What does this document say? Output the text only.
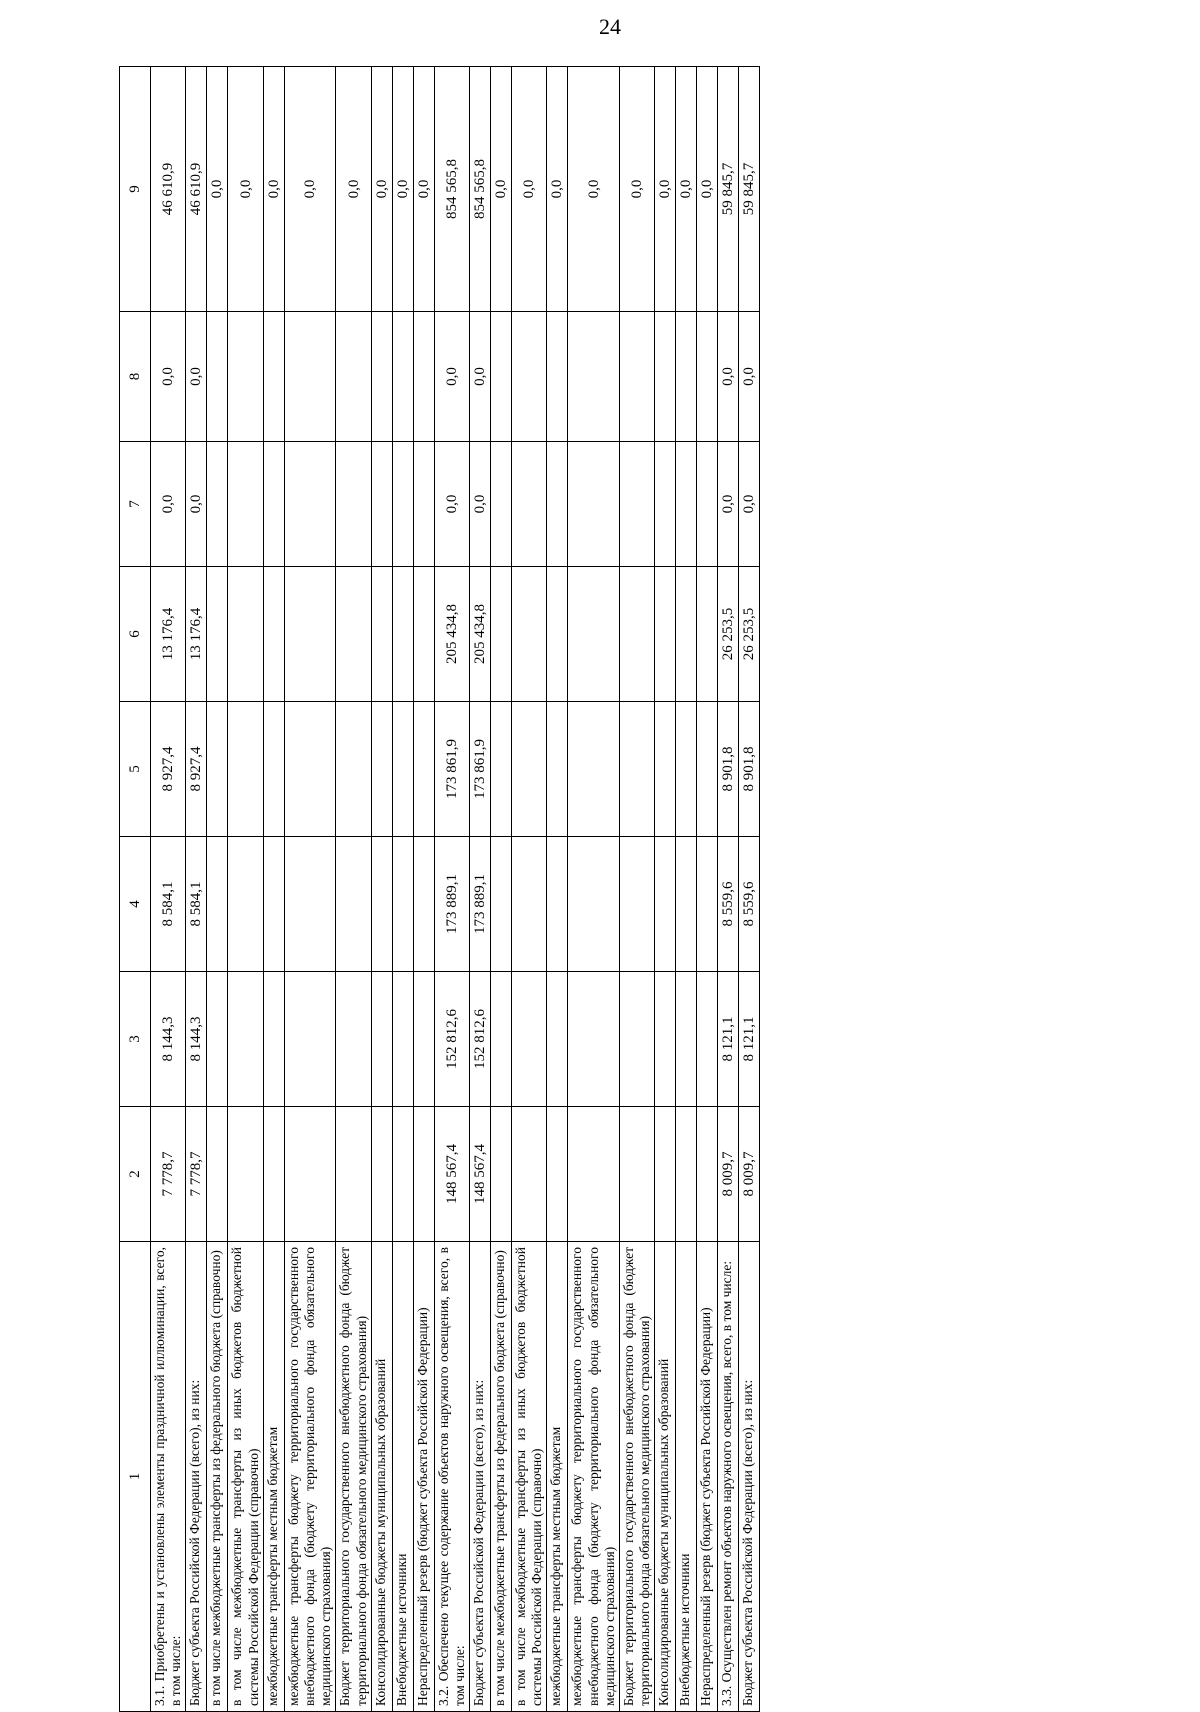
24
1	2	3	4	5	6	7	8	9
3.1. Приобретены и установлены элементы праздничной иллюминации, всего, в том числе:	7 778,7	8 144,3	8 584,1	8 927,4	13 176,4	0,0	0,0	46 610,9
Бюджет субъекта Российской Федерации (всего), из них:	7 778,7	8 144,3	8 584,1	8 927,4	13 176,4	0,0	0,0	46 610,9
в том числе межбюджетные трансферты из федерального бюджета (справочно)								0,0
в том числе межбюджетные трансферты из иных бюджетов бюджетной системы Российской Федерации (справочно)								0,0
межбюджетные трансферты местным бюджетам								0,0
межбюджетные трансферты бюджету территориального государственного внебюджетного фонда (бюджету территориального фонда обязательного медицинского страхования)								0,0
Бюджет территориального государственного внебюджетного фонда (бюджет территориального фонда обязательного медицинского страхования)								0,0
Консолидированные бюджеты муниципальных образований								0,0
Внебюджетные источники								0,0
Нераспределенный резерв (бюджет субъекта Российской Федерации)								0,0
3.2. Обеспечено текущее содержание объектов наружного освещения, всего, в том числе:	148 567,4	152 812,6	173 889,1	173 861,9	205 434,8	0,0	0,0	854 565,8
Бюджет субъекта Российской Федерации (всего), из них:	148 567,4	152 812,6	173 889,1	173 861,9	205 434,8	0,0	0,0	854 565,8
в том числе межбюджетные трансферты из федерального бюджета (справочно)								0,0
в том числе межбюджетные трансферты из иных бюджетов бюджетной системы Российской Федерации (справочно)								0,0
межбюджетные трансферты местным бюджетам								0,0
межбюджетные трансферты бюджету территориального государственного внебюджетного фонда (бюджету территориального фонда обязательного медицинского страхования)								0,0
Бюджет территориального государственного внебюджетного фонда (бюджет территориального фонда обязательного медицинского страхования)								0,0
Консолидированные бюджеты муниципальных образований								0,0
Внебюджетные источники								0,0
Нераспределенный резерв (бюджет субъекта Российской Федерации)								0,0
3.3. Осуществлен ремонт объектов наружного освещения, всего, в том числе:	8 009,7	8 121,1	8 559,6	8 901,8	26 253,5	0,0	0,0	59 845,7
Бюджет субъекта Российской Федерации (всего), из них:	8 009,7	8 121,1	8 559,6	8 901,8	26 253,5	0,0	0,0	59 845,7
